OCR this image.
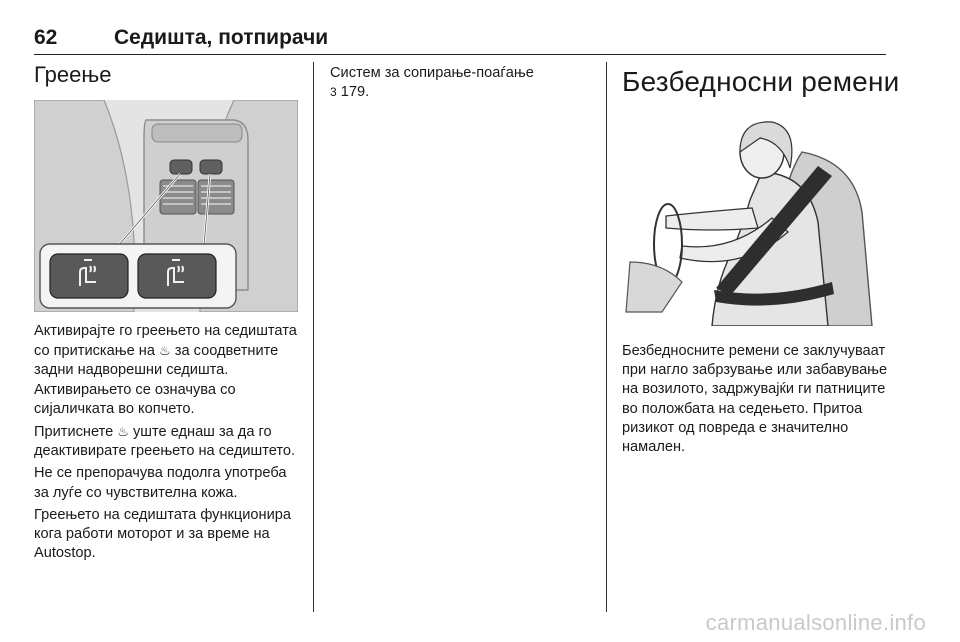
62	Седишта, потпирачи
Греење

Активирајте го греењето на седиштата со притискање на ♨ за соодветните задни надворешни седишта. Активирањето се означува со сијаличката во копчето.

Притиснете ♨ уште еднаш за да го деактивирате греењето на седиштето.

Не се препорачува подолга употреба за луѓе со чувствителна кожа.

Греењето на седиштата функционира кога работи моторот и за време на Autostop.

Систем за сопирање-поаѓање
3 179.	Безбедносни ремени

Безбедносните ремени се заклучуваат при нагло забрзување или забавување на возилото, задржувајќи ги патниците во положбата на седењето. Притоа ризикот од повреда е значително намален.

carmanualsonline.info
